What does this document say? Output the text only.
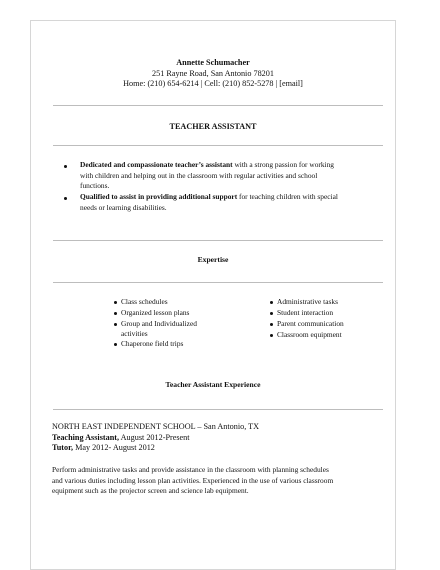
Annette Schumacher
251 Rayne Road, San Antonio 78201
Home: (210) 654-6214 | Cell: (210) 852-5278 | [email]
TEACHER ASSISTANT
Dedicated and compassionate teacher’s assistant with a strong passion for working
with children and helping out in the classroom with regular activities and school
functions.
Qualified to assist in providing additional support for teaching children with special
needs or learning disabilities.
Expertise
Class schedules
Organized lesson plans
Group and Individualized
activities
Chaperone field trips
Administrative tasks
Student interaction
Parent communication
Classroom equipment
Teacher Assistant Experience
NORTH EAST INDEPENDENT SCHOOL – San Antonio, TX
Teaching Assistant, August 2012-Present
Tutor, May 2012- August 2012
Perform administrative tasks and provide assistance in the classroom with planning schedules
and various duties including lesson plan activities. Experienced in the use of various classroom
equipment such as the projector screen and science lab equipment.
